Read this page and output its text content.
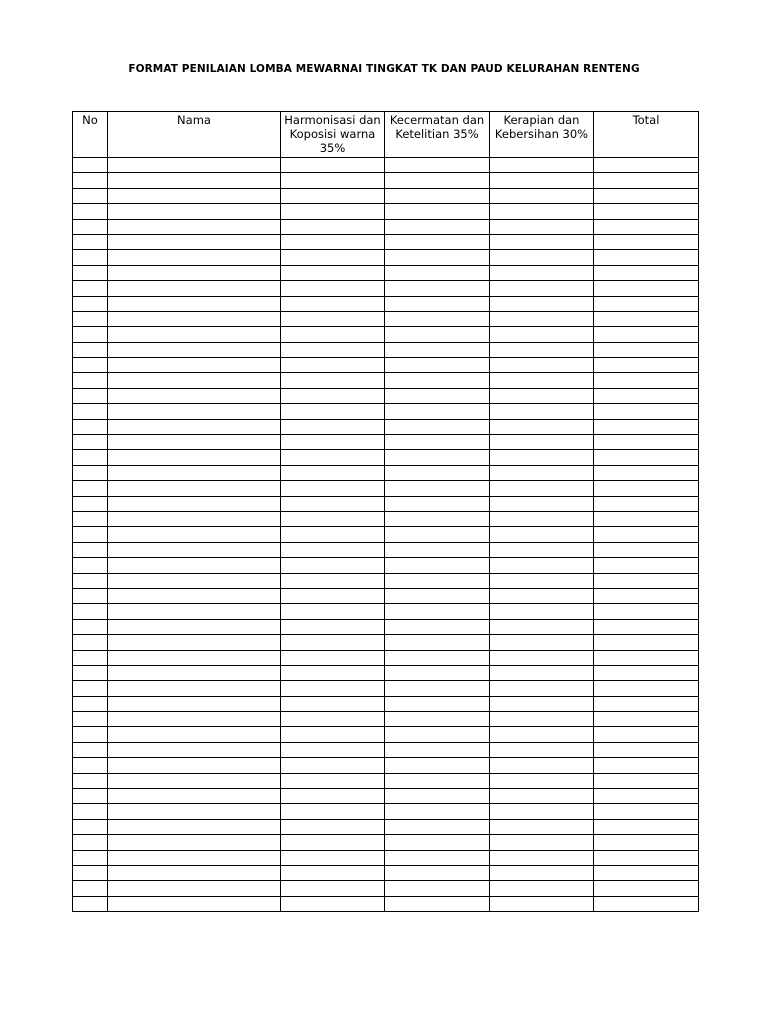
FORMAT PENILAIAN LOMBA MEWARNAI TINGKAT TK DAN PAUD KELURAHAN RENTENG
No	Nama	Harmonisasi dan Koposisi warna 35%	Kecermatan dan Ketelitian 35%	Kerapian dan Kebersihan 30%	Total
